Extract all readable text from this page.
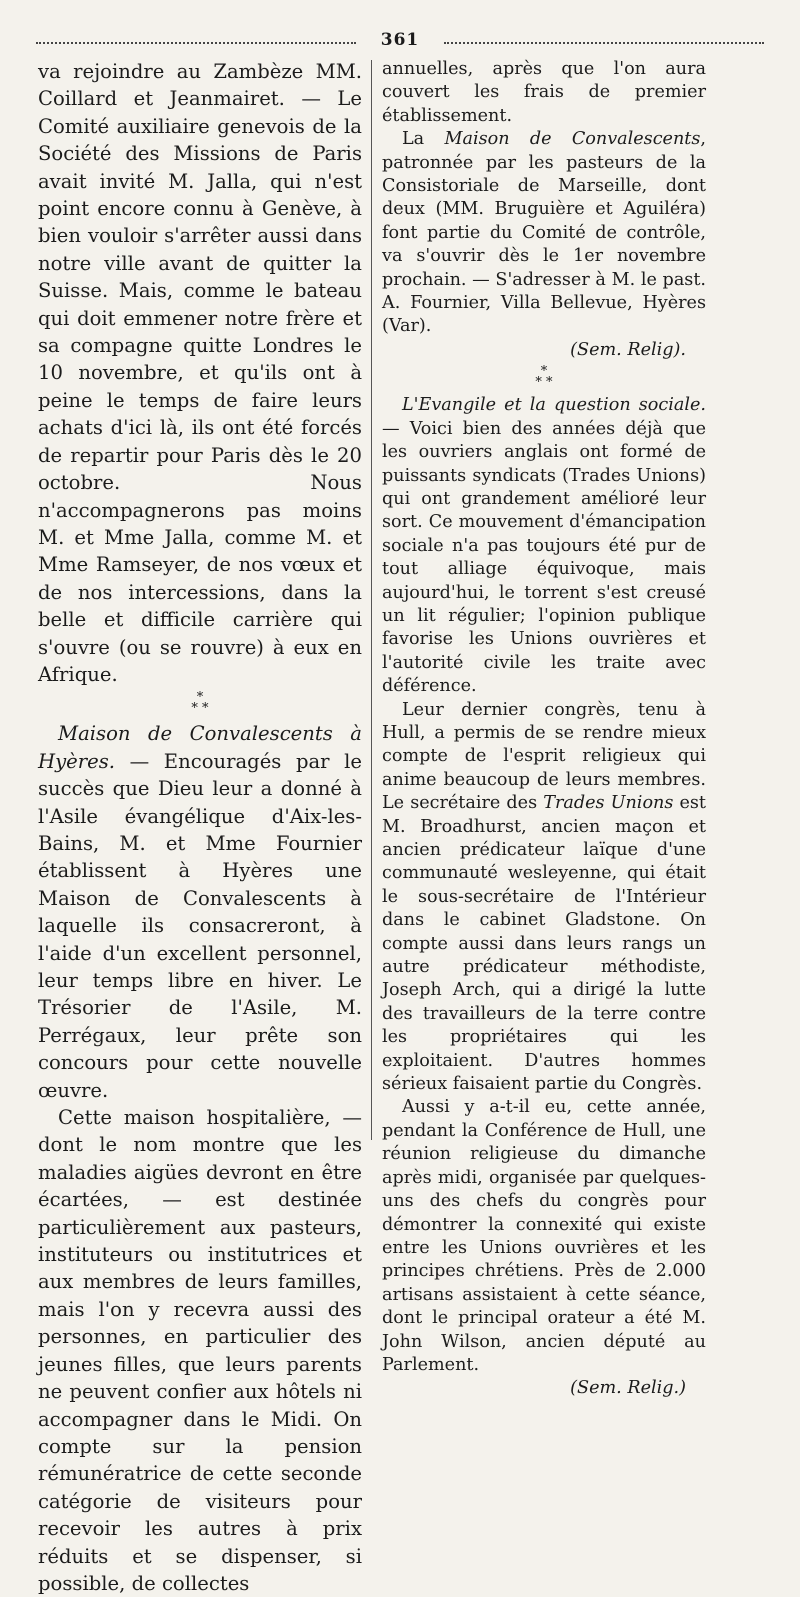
361

va rejoindre au Zambèze MM. Coillard et Jeanmairet. — Le Comité auxiliaire genevois de la Société des Missions de Paris avait invité M. Jalla, qui n'est point encore connu à Genève, à bien vouloir s'arrêter aussi dans notre ville avant de quitter la Suisse. Mais, comme le bateau qui doit emmener notre frère et sa compagne quitte Londres le 10 novembre, et qu'ils ont à peine le temps de faire leurs achats d'ici là, ils ont été forcés de repartir pour Paris dès le 20 octobre. Nous n'accompagnerons pas moins M. et Mme Jalla, comme M. et Mme Ramseyer, de nos vœux et de nos intercessions, dans la belle et difficile carrière qui s'ouvre (ou se rouvre) à eux en Afrique.

*
* *

Maison de Convalescents à Hyères. — Encouragés par le succès que Dieu leur a donné à l'Asile évangélique d'Aix-les-Bains, M. et Mme Fournier établissent à Hyères une Maison de Convalescents à laquelle ils consacreront, à l'aide d'un excellent personnel, leur temps libre en hiver. Le Trésorier de l'Asile, M. Perrégaux, leur prête son concours pour cette nouvelle œuvre.

Cette maison hospitalière, — dont le nom montre que les maladies aigües devront en être écartées, — est destinée particulièrement aux pasteurs, instituteurs ou institutrices et aux membres de leurs familles, mais l'on y recevra aussi des personnes, en particulier des jeunes filles, que leurs parents ne peuvent confier aux hôtels ni accompagner dans le Midi. On compte sur la pension rémunératrice de cette seconde catégorie de visiteurs pour recevoir les autres à prix réduits et se dispenser, si possible, de collectes

annuelles, après que l'on aura couvert les frais de premier établissement.

La Maison de Convalescents, patronnée par les pasteurs de la Consistoriale de Marseille, dont deux (MM. Bruguière et Aguiléra) font partie du Comité de contrôle, va s'ouvrir dès le 1er novembre prochain. — S'adresser à M. le past. A. Fournier, Villa Bellevue, Hyères (Var).
(Sem. Relig).

*
* *

L'Evangile et la question sociale. — Voici bien des années déjà que les ouvriers anglais ont formé de puissants syndicats (Trades Unions) qui ont grandement amélioré leur sort. Ce mouvement d'émancipation sociale n'a pas toujours été pur de tout alliage équivoque, mais aujourd'hui, le torrent s'est creusé un lit régulier; l'opinion publique favorise les Unions ouvrières et l'autorité civile les traite avec déférence.

Leur dernier congrès, tenu à Hull, a permis de se rendre mieux compte de l'esprit religieux qui anime beaucoup de leurs membres. Le secrétaire des Trades Unions est M. Broadhurst, ancien maçon et ancien prédicateur laïque d'une communauté wesleyenne, qui était le sous-secrétaire de l'Intérieur dans le cabinet Gladstone. On compte aussi dans leurs rangs un autre prédicateur méthodiste, Joseph Arch, qui a dirigé la lutte des travailleurs de la terre contre les propriétaires qui les exploitaient. D'autres hommes sérieux faisaient partie du Congrès.

Aussi y a-t-il eu, cette année, pendant la Conférence de Hull, une réunion religieuse du dimanche après midi, organisée par quelques-uns des chefs du congrès pour démontrer la connexité qui existe entre les Unions ouvrières et les principes chrétiens. Près de 2.000 artisans assistaient à cette séance, dont le principal orateur a été M. John Wilson, ancien député au Parlement.
(Sem. Relig.)
